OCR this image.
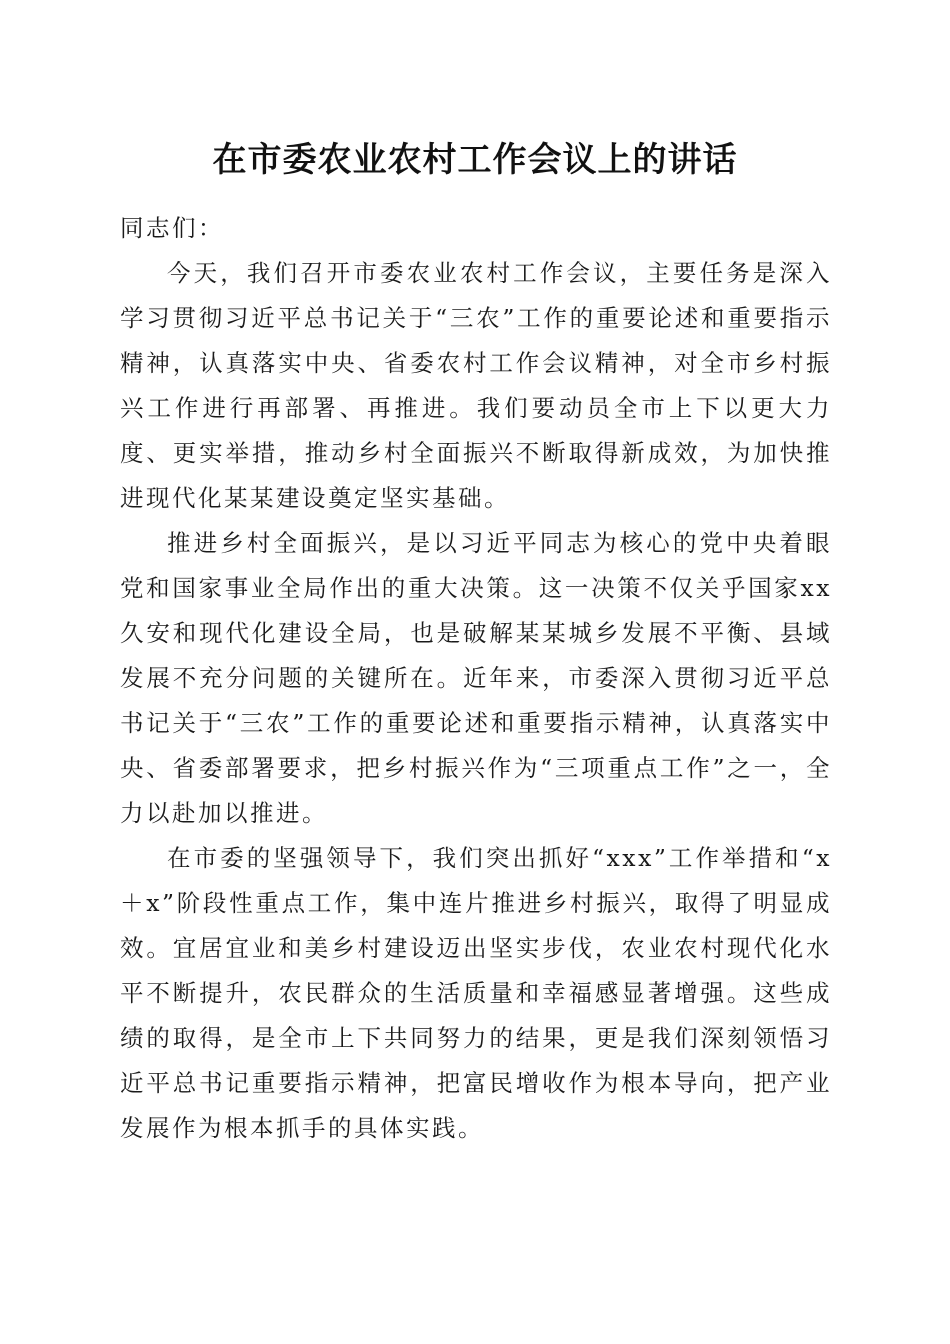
在市委农业农村工作会议上的讲话
同志们：

今天，我们召开市委农业农村工作会议，主要任务是深入学习贯彻习近平总书记关于“三农”工作的重要论述和重要指示精神，认真落实中央、省委农村工作会议精神，对全市乡村振兴工作进行再部署、再推进。我们要动员全市上下以更大力度、更实举措，推动乡村全面振兴不断取得新成效，为加快推进现代化某某建设奠定坚实基础。

推进乡村全面振兴，是以习近平同志为核心的党中央着眼党和国家事业全局作出的重大决策。这一决策不仅关乎国家xx久安和现代化建设全局，也是破解某某城乡发展不平衡、县域发展不充分问题的关键所在。近年来，市委深入贯彻习近平总书记关于“三农”工作的重要论述和重要指示精神，认真落实中央、省委部署要求，把乡村振兴作为“三项重点工作”之一，全力以赴加以推进。

在市委的坚强领导下，我们突出抓好“xxx”工作举措和“x＋x”阶段性重点工作，集中连片推进乡村振兴，取得了明显成效。宜居宜业和美乡村建设迈出坚实步伐，农业农村现代化水平不断提升，农民群众的生活质量和幸福感显著增强。这些成绩的取得，是全市上下共同努力的结果，更是我们深刻领悟习近平总书记重要指示精神，把富民增收作为根本导向，把产业发展作为根本抓手的具体实践。
